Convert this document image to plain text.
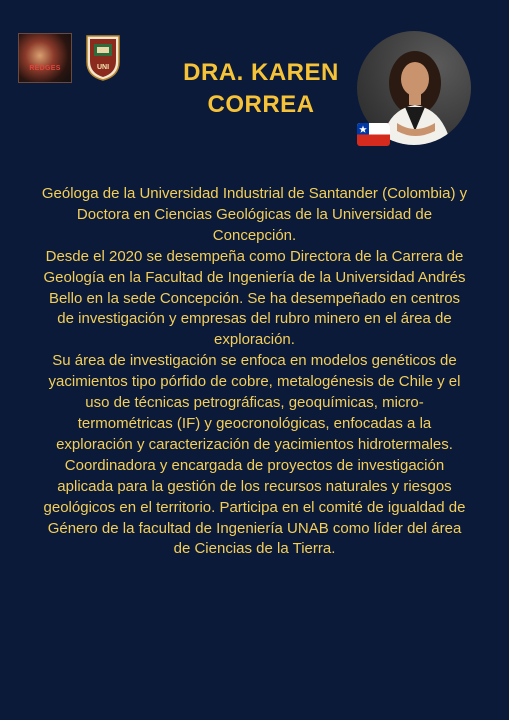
REDGES	UNI	DRA. KAREN
CORREA

Geóloga de la Universidad Industrial de Santander (Colombia) y Doctora en Ciencias Geológicas de la Universidad de Concepción.

Desde el 2020 se desempeña como Directora de la Carrera de Geología en la Facultad de Ingeniería de la Universidad Andrés Bello en la sede Concepción. Se ha desempeñado en centros de investigación y empresas del rubro minero en el área de exploración.

Su área de investigación se enfoca en modelos genéticos de yacimientos tipo pórfido de cobre, metalogénesis de Chile y el uso de técnicas petrográficas, geoquímicas, micro-termométricas (IF) y geocronológicas, enfocadas a la exploración y caracterización de yacimientos hidrotermales. Coordinadora y encargada de proyectos de investigación aplicada para la gestión de los recursos naturales y riesgos geológicos en el territorio. Participa en el comité de igualdad de Género de la facultad de Ingeniería UNAB como líder del área de Ciencias de la Tierra.
